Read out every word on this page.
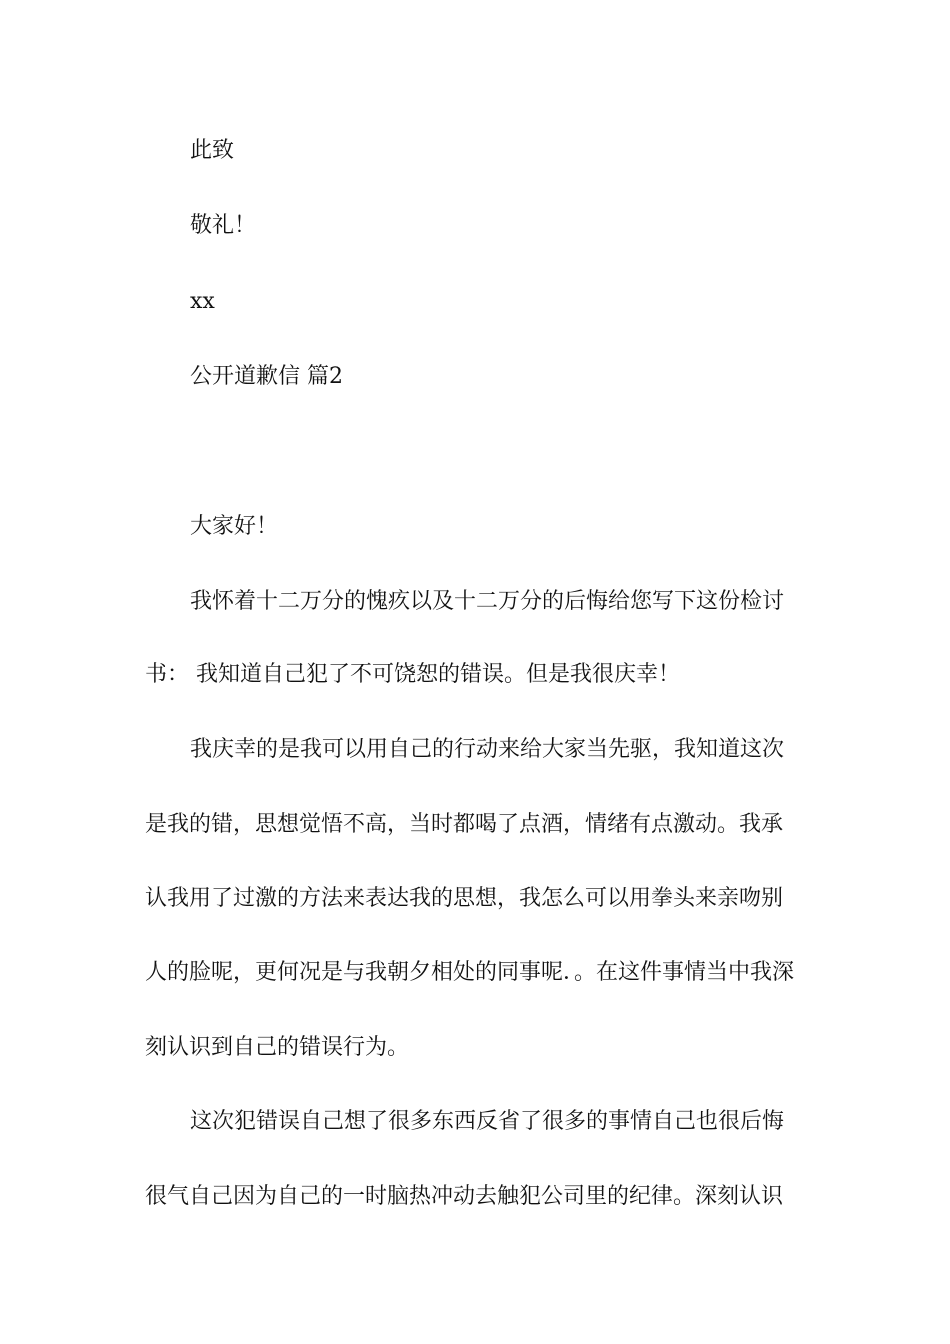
此致
敬礼！
xx
公开道歉信 篇2
大家好！
我怀着十二万分的愧疚以及十二万分的后悔给您写下这份检讨
书： 我知道自己犯了不可饶恕的错误。但是我很庆幸！
我庆幸的是我可以用自己的行动来给大家当先驱，我知道这次
是我的错，思想觉悟不高，当时都喝了点酒，情绪有点激动。我承
认我用了过激的方法来表达我的思想，我怎么可以用拳头来亲吻别
人的脸呢，更何况是与我朝夕相处的同事呢．。在这件事情当中我深
刻认识到自己的错误行为。
这次犯错误自己想了很多东西反省了很多的事情自己也很后悔
很气自己因为自己的一时脑热冲动去触犯公司里的纪律。深刻认识
